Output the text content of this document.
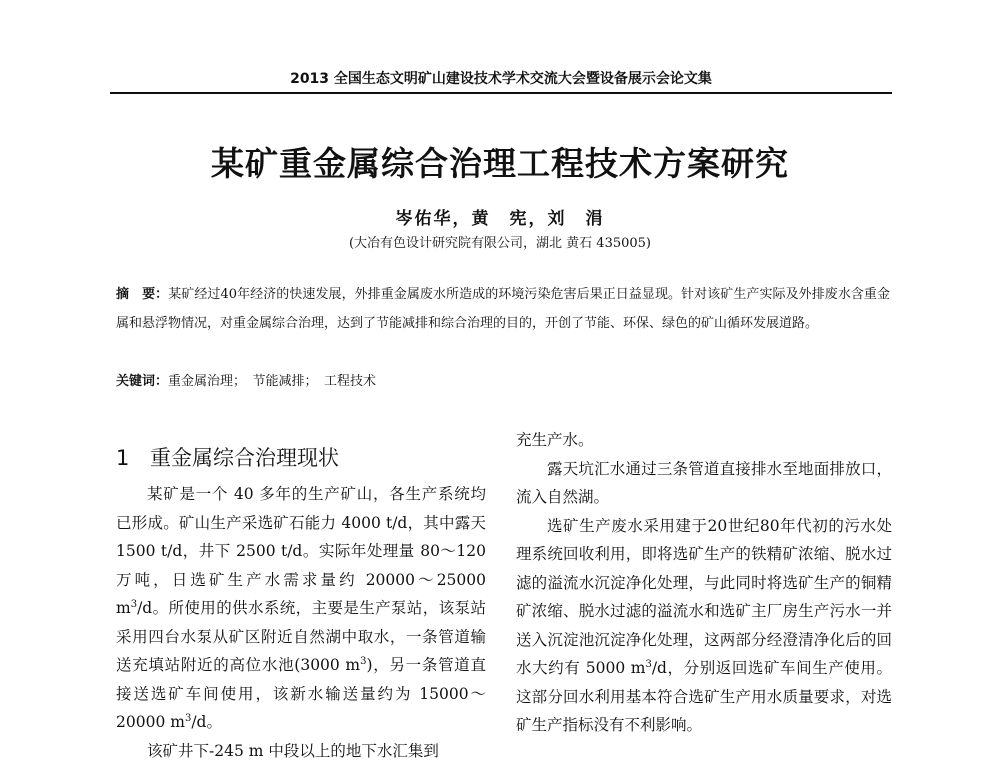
2013 全国生态文明矿山建设技术学术交流大会暨设备展示会论文集
某矿重金属综合治理工程技术方案研究
岑佑华，黄　宪，刘　涓
(大冶有色设计研究院有限公司，湖北 黄石 435005)
摘　要：某矿经过40年经济的快速发展，外排重金属废水所造成的环境污染危害后果正日益显现。针对该矿生产实际及外排废水含重金属和悬浮物情况，对重金属综合治理，达到了节能减排和综合治理的目的，开创了节能、环保、绿色的矿山循环发展道路。
关键词：重金属治理；　节能减排；　工程技术
1 重金属综合治理现状

某矿是一个 40 多年的生产矿山，各生产系统均已形成。矿山生产采选矿石能力 4000 t/d，其中露天 1500 t/d，井下 2500 t/d。实际年处理量 80～120 万吨，日选矿生产水需求量约 20000～25000 $m^3/d$。所使用的供水系统，主要是生产泵站，该泵站采用四台水泵从矿区附近自然湖中取水，一条管道输送充填站附近的高位水池(3000 $m^3$)，另一条管道直接送选矿车间使用，该新水输送量约为 15000～20000 $m^3/d$。

该矿井下-245 m 中段以上的地下水汇集到

充生产水。

露天坑汇水通过三条管道直接排水至地面排放口，流入自然湖。

选矿生产废水采用建于20世纪80年代初的污水处理系统回收利用，即将选矿生产的铁精矿浓缩、脱水过滤的溢流水沉淀净化处理，与此同时将选矿生产的铜精矿浓缩、脱水过滤的溢流水和选矿主厂房生产污水一并送入沉淀池沉淀净化处理，这两部分经澄清净化后的回水大约有 5000 $m^3/d$，分别返回选矿车间生产使用。这部分回水利用基本符合选矿生产用水质量要求，对选矿生产指标没有不利影响。
